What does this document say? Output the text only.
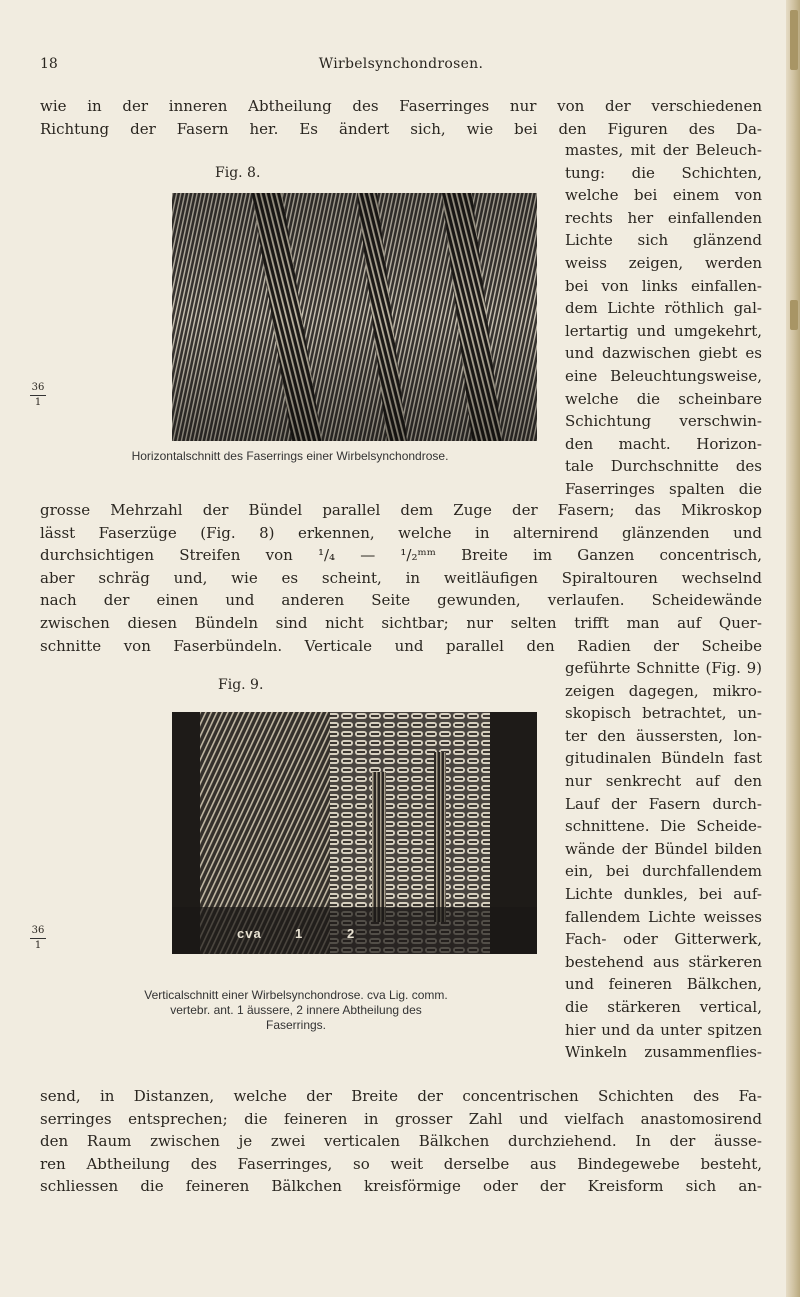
18	Wirbelsynchondrosen.
wie in der inneren Abtheilung des Faserringes nur von der verschiedenen
Richtung der Fasern her. Es ändert sich, wie bei den Figuren des Da-
Fig. 8.
36
1
Horizontalschnitt des Faserrings einer Wirbelsynchondrose.
mastes, mit der Beleuch-
tung: die Schichten,
welche bei einem von
rechts her einfallenden
Lichte sich glänzend
weiss zeigen, werden
bei von links einfallen-
dem Lichte röthlich gal-
lertartig und umgekehrt,
und dazwischen giebt es
eine Beleuchtungsweise,
welche die scheinbare
Schichtung verschwin-
den macht. Horizon-
tale Durchschnitte des
Faserringes spalten die
grosse Mehrzahl der Bündel parallel dem Zuge der Fasern; das Mikroskop
lässt Faserzüge (Fig. 8) erkennen, welche in alternirend glänzenden und
durchsichtigen Streifen von ¹/₄ — ¹/₂ᵐᵐ Breite im Ganzen concentrisch,
aber schräg und, wie es scheint, in weitläufigen Spiraltouren wechselnd
nach der einen und anderen Seite gewunden, verlaufen. Scheidewände
zwischen diesen Bündeln sind nicht sichtbar; nur selten trifft man auf Quer-
schnitte von Faserbündeln. Verticale und parallel den Radien der Scheibe
Fig. 9.
cva	1	2
36
1
Verticalschnitt einer Wirbelsynchondrose. cva Lig. comm.
vertebr. ant. 1 äussere, 2 innere Abtheilung des
Faserrings.
geführte Schnitte (Fig. 9)
zeigen dagegen, mikro-
skopisch betrachtet, un-
ter den äussersten, lon-
gitudinalen Bündeln fast
nur senkrecht auf den
Lauf der Fasern durch-
schnittene. Die Scheide-
wände der Bündel bilden
ein, bei durchfallendem
Lichte dunkles, bei auf-
fallendem Lichte weisses
Fach- oder Gitterwerk,
bestehend aus stärkeren
und feineren Bälkchen,
die stärkeren vertical,
hier und da unter spitzen
Winkeln zusammenflies-
send, in Distanzen, welche der Breite der concentrischen Schichten des Fa-
serringes entsprechen; die feineren in grosser Zahl und vielfach anastomosirend
den Raum zwischen je zwei verticalen Bälkchen durchziehend. In der äusse-
ren Abtheilung des Faserringes, so weit derselbe aus Bindegewebe besteht,
schliessen die feineren Bälkchen kreisförmige oder der Kreisform sich an-
